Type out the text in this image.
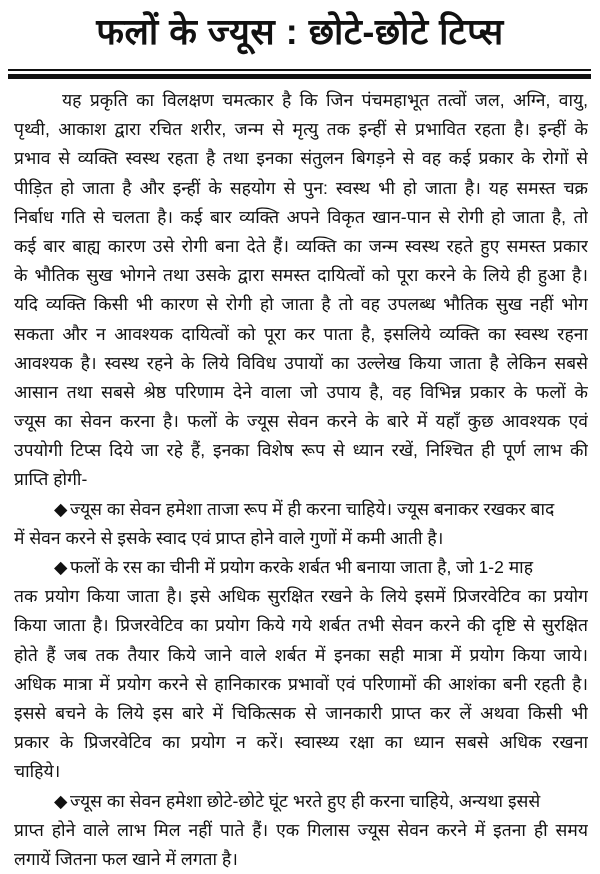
फलों के ज्यूस : छोटे-छोटे टिप्स
यह प्रकृति का विलक्षण चमत्कार है कि जिन पंचमहाभूत तत्वों जल, अग्नि, वायु,
पृथ्वी, आकाश द्वारा रचित शरीर, जन्म से मृत्यु तक इन्हीं से प्रभावित रहता है। इन्हीं के
प्रभाव से व्यक्ति स्वस्थ रहता है तथा इनका संतुलन बिगड़ने से वह कई प्रकार के रोगों से
पीड़ित हो जाता है और इन्हीं के सहयोग से पुन: स्वस्थ भी हो जाता है। यह समस्त चक्र
निर्बाध गति से चलता है। कई बार व्यक्ति अपने विकृत खान-पान से रोगी हो जाता है, तो
कई बार बाह्य कारण उसे रोगी बना देते हैं। व्यक्ति का जन्म स्वस्थ रहते हुए समस्त प्रकार
के भौतिक सुख भोगने तथा उसके द्वारा समस्त दायित्वों को पूरा करने के लिये ही हुआ है।
यदि व्यक्ति किसी भी कारण से रोगी हो जाता है तो वह उपलब्ध भौतिक सुख नहीं भोग
सकता और न आवश्यक दायित्वों को पूरा कर पाता है, इसलिये व्यक्ति का स्वस्थ रहना
आवश्यक है। स्वस्थ रहने के लिये विविध उपायों का उल्लेख किया जाता है लेकिन सबसे
आसान तथा सबसे श्रेष्ठ परिणाम देने वाला जो उपाय है, वह विभिन्न प्रकार के फलों के
ज्यूस का सेवन करना है। फलों के ज्यूस सेवन करने के बारे में यहाँ कुछ आवश्यक एवं
उपयोगी टिप्स दिये जा रहे हैं, इनका विशेष रूप से ध्यान रखें, निश्चित ही पूर्ण लाभ की
प्राप्ति होगी-
◆ ज्यूस का सेवन हमेशा ताजा रूप में ही करना चाहिये। ज्यूस बनाकर रखकर बाद
में सेवन करने से इसके स्वाद एवं प्राप्त होने वाले गुणों में कमी आती है।
◆ फलों के रस का चीनी में प्रयोग करके शर्बत भी बनाया जाता है, जो 1-2 माह
तक प्रयोग किया जाता है। इसे अधिक सुरक्षित रखने के लिये इसमें प्रिजरवेटिव का प्रयोग
किया जाता है। प्रिजरवेटिव का प्रयोग किये गये शर्बत तभी सेवन करने की दृष्टि से सुरक्षित
होते हैं जब तक तैयार किये जाने वाले शर्बत में इनका सही मात्रा में प्रयोग किया जाये।
अधिक मात्रा में प्रयोग करने से हानिकारक प्रभावों एवं परिणामों की आशंका बनी रहती है।
इससे बचने के लिये इस बारे में चिकित्सक से जानकारी प्राप्त कर लें अथवा किसी भी
प्रकार के प्रिजरवेटिव का प्रयोग न करें। स्वास्थ्य रक्षा का ध्यान सबसे अधिक रखना
चाहिये।
◆ ज्यूस का सेवन हमेशा छोटे-छोटे घूंट भरते हुए ही करना चाहिये, अन्यथा इससे
प्राप्त होने वाले लाभ मिल नहीं पाते हैं। एक गिलास ज्यूस सेवन करने में इतना ही समय
लगायें जितना फल खाने में लगता है।
